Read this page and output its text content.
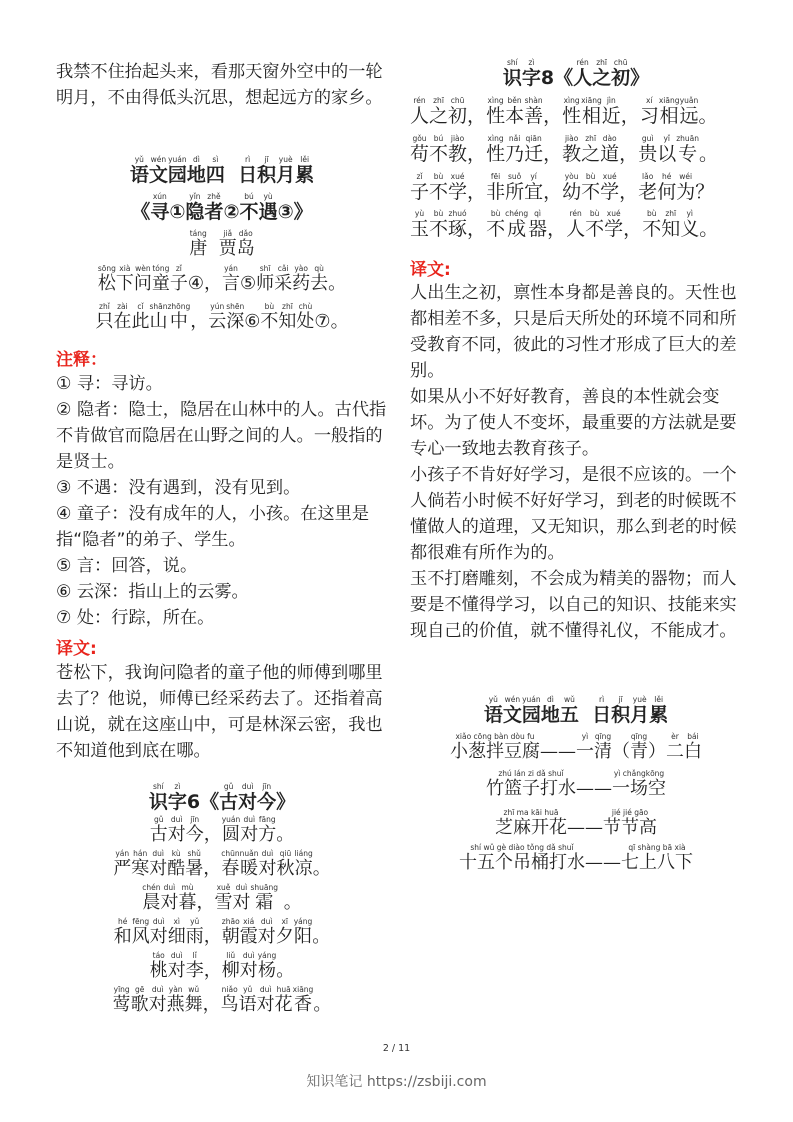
我禁不住抬起头来，看那天窗外空中的一轮明月，不由得低头沉思，想起远方的家乡。

yǔ
语
wén
文
yuán
园
dì
地
sì
四

rì
日
jī
积
yuè
月
lěi
累
《
xún
寻 ①
yǐn
隐
zhě
者 ②
bú
不
yù
遇 ③ 》
táng
唐

jiǎ
贾
dǎo
岛
sōng
松
xià
下
wèn
问
tóng
童
zǐ
子 ④ ，
yán
言 ⑤
shī
师
cǎi
采
yào
药
qù
去 。
zhǐ
只
zài
在
cǐ
此
shān
山
zhōng
中 ，
yún
云
shēn
深 ⑥
bù
不
zhī
知
chù
处 ⑦ 。
注释：

① 寻：寻访。

② 隐者：隐士，隐居在山林中的人。古代指不肯做官而隐居在山野之间的人。一般指的是贤士。

③ 不遇：没有遇到，没有见到。

④ 童子：没有成年的人，小孩。在这里是指“隐者”的弟子、学生。

⑤ 言：回答，说。

⑥ 云深：指山上的云雾。

⑦ 处：行踪，所在。

译文:

苍松下，我询问隐者的童子他的师傅到哪里去了？他说，师傅已经采药去了。还指着高山说，就在这座山中，可是林深云密，我也不知道他到底在哪。

shí
识
zì
字 6 《
gǔ
古
duì
对
jīn
今 》
gǔ
古
duì
对
jīn
今 ，
yuán
圆
duì
对
fāng
方 。
yán
严
hán
寒
duì
对
kù
酷
shǔ
暑 ，
chūn
春
nuǎn
暖
duì
对
qiū
秋
liáng
凉 。
chén
晨
duì
对
mù
暮 ，
xuě
雪
duì
对
shuāng
霜 。
hé
和
fēng
风
duì
对
xì
细
yǔ
雨 ，
zhāo
朝
xiá
霞
duì
对
xī
夕
yáng
阳 。
táo
桃
duì
对
lǐ
李 ，
liǔ
柳
duì
对
yáng
杨 。
yīng
莺
gē
歌
duì
对
yàn
燕
wǔ
舞 ，
niǎo
鸟
yǔ
语
duì
对
huā
花
xiāng
香 。
shí
识
zì
字 8 《
rén
人
zhī
之
chū
初 》
rén
人
zhī
之
chū
初 ，
xìng
性
běn
本
shàn
善 ，
xìng
性
xiāng
相
jìn
近 ，
xí
习
xiāng
相
yuǎn
远 。
gǒu
苟
bú
不
jiào
教 ，
xìng
性
nǎi
乃
qiān
迁 ，
jiào
教
zhī
之
dào
道 ，
guì
贵
yǐ
以
zhuān
专 。
zǐ
子
bù
不
xué
学 ，
fēi
非
suǒ
所
yí
宜 ，
yòu
幼
bù
不
xué
学 ，
lǎo
老
hé
何
wéi
为 ？
yù
玉
bù
不
zhuó
琢 ，
bù
不
chéng
成
qì
器 ，
rén
人
bù
不
xué
学 ，
bù
不
zhī
知
yì
义 。
译文:

人出生之初，禀性本身都是善良的。天性也都相差不多，只是后天所处的环境不同和所受教育不同，彼此的习性才形成了巨大的差别。

如果从小不好好教育，善良的本性就会变坏。为了使人不变坏，最重要的方法就是要专心一致地去教育孩子。

小孩子不肯好好学习，是很不应该的。一个人倘若小时候不好好学习，到老的时候既不懂做人的道理，又无知识，那么到老的时候都很难有所作为的。

玉不打磨雕刻，不会成为精美的器物；而人要是不懂得学习，以自己的知识、技能来实现自己的价值，就不懂得礼仪，不能成才。

yǔ
语
wén
文
yuán
园
dì
地
wǔ
五

rì
日
jī
积
yuè
月
lěi
累
xiǎo cōng bàn dòu fu
小葱拌豆腐 ——
yì
一
qīng
清 （
qīng
青 ）
èr
二
bái
白
zhú lán zi dǎ shuǐ
竹篮子打水 ——
yì chǎngkōng
一场空
zhī ma kāi huā
芝麻开花 ——
jié jié gāo
节节高
shí wǔ gè diào tǒng dǎ shuǐ
十五个吊桶打水 ——
qī shàng bā xià
七上八下
2 / 11
知识笔记 https://zsbiji.com
